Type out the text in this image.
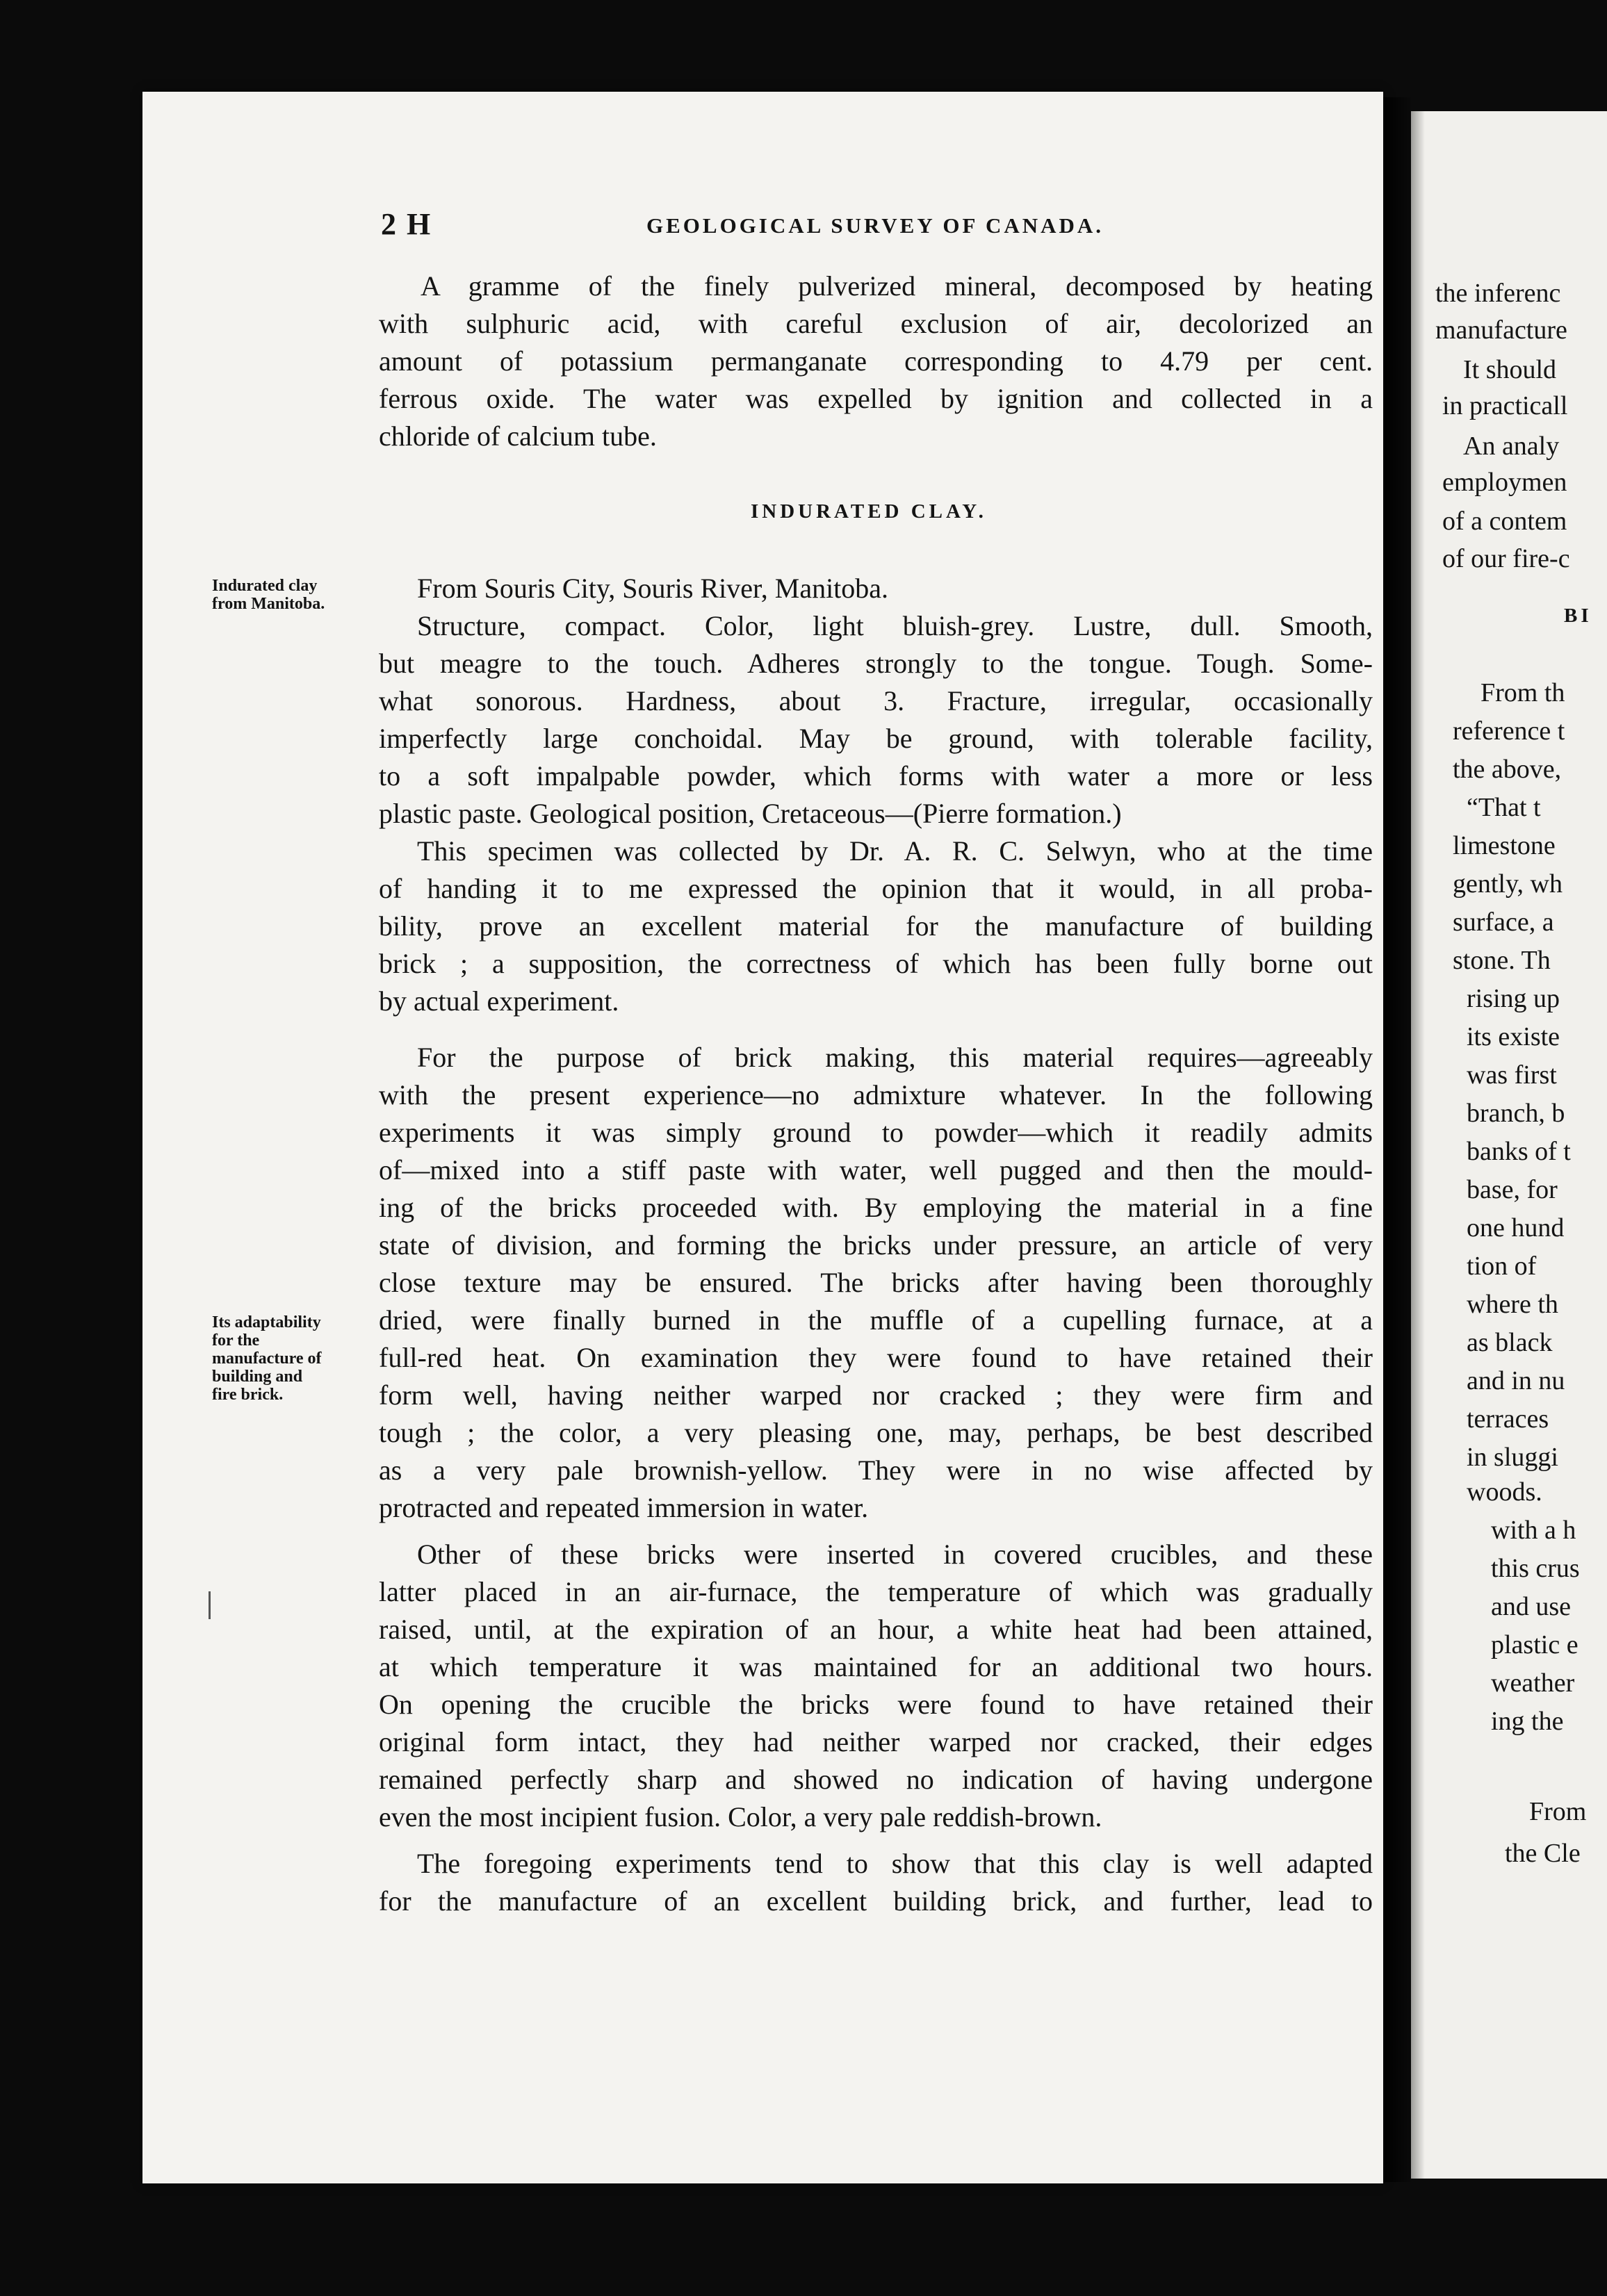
2 H	GEOLOGICAL SURVEY OF CANADA.
A gramme of the finely pulverized mineral, decomposed by heating
with sulphuric acid, with careful exclusion of air, decolorized an
amount of potassium permanganate corresponding to 4.79 per cent.
ferrous oxide. The water was expelled by ignition and collected in a
chloride of calcium tube.
INDURATED CLAY.
Indurated clay
from Manitoba.	From Souris City, Souris River, Manitoba.
Structure, compact. Color, light bluish-grey. Lustre, dull. Smooth,
but meagre to the touch. Adheres strongly to the tongue. Tough. Some-
what sonorous. Hardness, about 3. Fracture, irregular, occasionally
imperfectly large conchoidal. May be ground, with tolerable facility,
to a soft impalpable powder, which forms with water a more or less
plastic paste. Geological position, Cretaceous—(Pierre formation.)
This specimen was collected by Dr. A. R. C. Selwyn, who at the time
of handing it to me expressed the opinion that it would, in all proba-
bility, prove an excellent material for the manufacture of building
brick ; a supposition, the correctness of which has been fully borne out
by actual experiment.
Its adaptability
for the
manufacture of
building and
fire brick.
For the purpose of brick making, this material requires—agreeably
with the present experience—no admixture whatever. In the following
experiments it was simply ground to powder—which it readily admits
of—mixed into a stiff paste with water, well pugged and then the mould-
ing of the bricks proceeded with. By employing the material in a fine
state of division, and forming the bricks under pressure, an article of very
close texture may be ensured. The bricks after having been thoroughly
dried, were finally burned in the muffle of a cupelling furnace, at a
full-red heat. On examination they were found to have retained their
form well, having neither warped nor cracked ; they were firm and
tough ; the color, a very pleasing one, may, perhaps, be best described
as a very pale brownish-yellow. They were in no wise affected by
protracted and repeated immersion in water.
Other of these bricks were inserted in covered crucibles, and these
latter placed in an air-furnace, the temperature of which was gradually
raised, until, at the expiration of an hour, a white heat had been attained,
at which temperature it was maintained for an additional two hours.
On opening the crucible the bricks were found to have retained their
original form intact, they had neither warped nor cracked, their edges
remained perfectly sharp and showed no indication of having undergone
even the most incipient fusion. Color, a very pale reddish-brown.
The foregoing experiments tend to show that this clay is well adapted
for the manufacture of an excellent building brick, and further, lead to
the inferenc
manufacture
It should
in practicall
An analy
employmen
of a contem
of our fire-c
BI
From th
reference t
the above,
“That t
limestone
gently, wh
surface, a
stone. Th
rising up
its existe
was first
branch, b
banks of t
base, for
one hund
tion of
where th
as black
and in nu
terraces
in sluggi
woods.
with a h
this crus
and use
plastic e
weather
ing the
From
the Cle
